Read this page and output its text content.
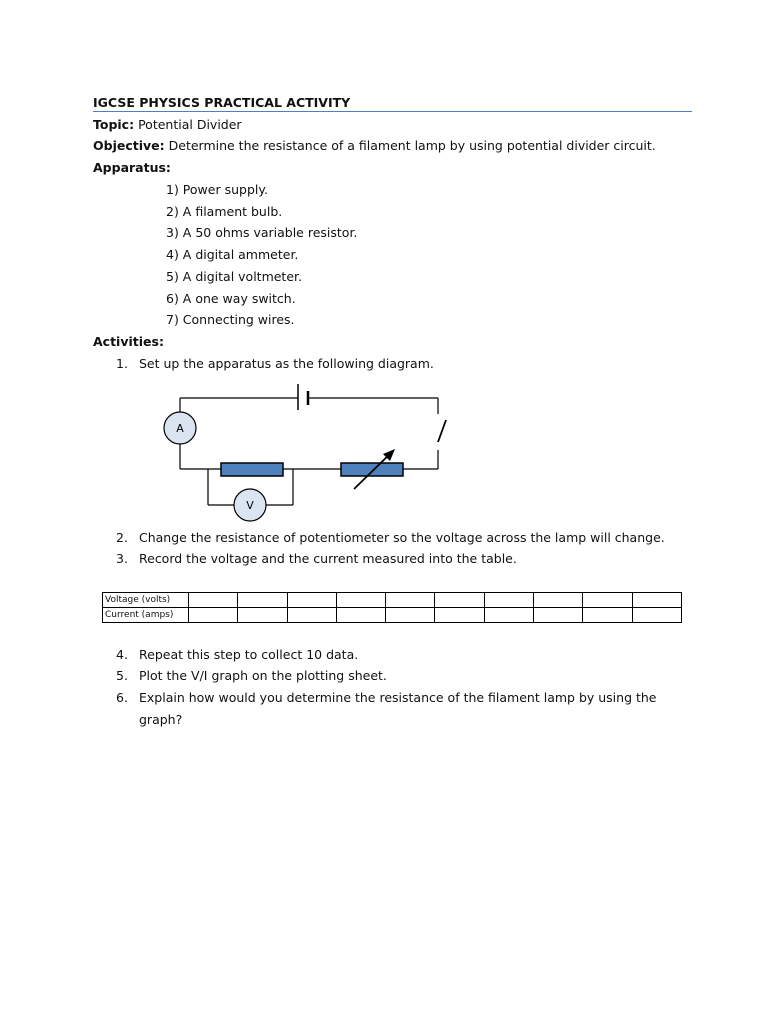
IGCSE PHYSICS PRACTICAL ACTIVITY
Topic: Potential Divider
Objective: Determine the resistance of a filament lamp by using potential divider circuit.
Apparatus:
1) Power supply.
2) A filament bulb.
3) A 50 ohms variable resistor.
4) A digital ammeter.
5) A digital voltmeter.
6) A one way switch.
7) Connecting wires.
Activities:
1. Set up the apparatus as the following diagram.
A
V
2. Change the resistance of potentiometer so the voltage across the lamp will change.
3. Record the voltage and the current measured into the table.
Voltage (volts)										
Current (amps)										
4. Repeat this step to collect 10 data.
5. Plot the V/I graph on the plotting sheet.
6. Explain how would you determine the resistance of the filament lamp by using the
graph?
